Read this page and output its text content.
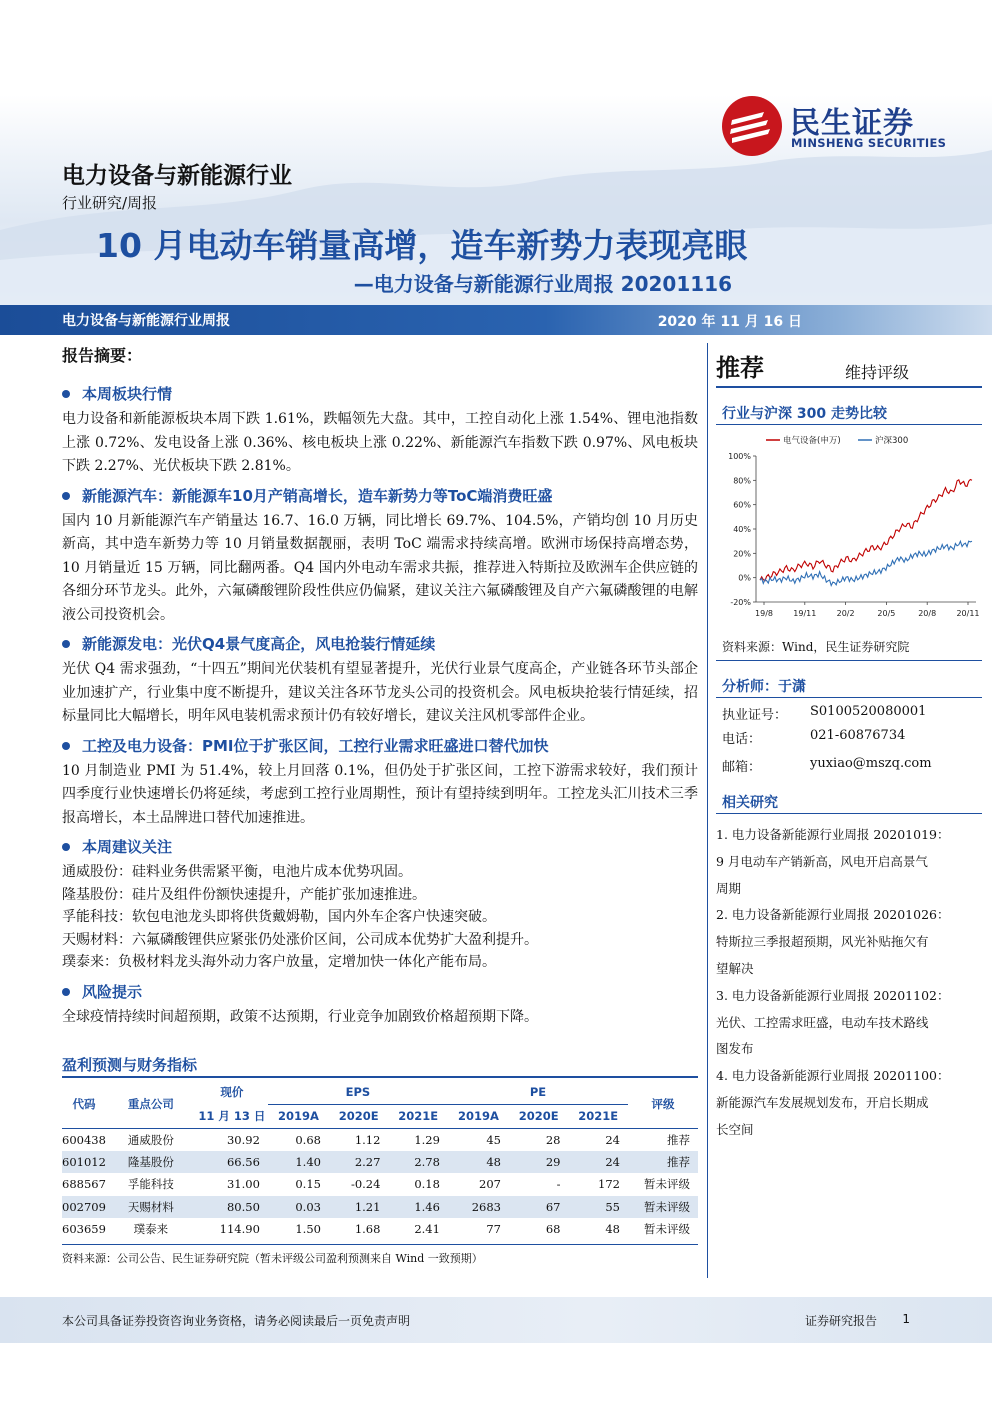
民生证券
MINSHENG SECURITIES
电力设备与新能源行业
行业研究/周报
10 月电动车销量高增，造车新势力表现亮眼
—电力设备与新能源行业周报 20201116
电力设备与新能源行业周报	2020 年 11 月 16 日
报告摘要：
本周板块行情
电力设备和新能源板块本周下跌 1.61%，跌幅领先大盘。其中，工控自动化上涨 1.54%、锂电池指数上涨 0.72%、发电设备上涨 0.36%、核电板块上涨 0.22%、新能源汽车指数下跌 0.97%、风电板块下跌 2.27%、光伏板块下跌 2.81%。
新能源汽车：新能源车10月产销高增长，造车新势力等ToC端消费旺盛
国内 10 月新能源汽车产销量达 16.7、16.0 万辆，同比增长 69.7%、104.5%，产销均创 10 月历史新高，其中造车新势力等 10 月销量数据靓丽，表明 ToC 端需求持续高增。欧洲市场保持高增态势，10 月销量近 15 万辆，同比翻两番。Q4 国内外电动车需求共振，推荐进入特斯拉及欧洲车企供应链的各细分环节龙头。此外，六氟磷酸锂阶段性供应仍偏紧，建议关注六氟磷酸锂及自产六氟磷酸锂的电解液公司投资机会。
新能源发电：光伏Q4景气度高企，风电抢装行情延续
光伏 Q4 需求强劲，“十四五”期间光伏装机有望显著提升，光伏行业景气度高企，产业链各环节头部企业加速扩产，行业集中度不断提升，建议关注各环节龙头公司的投资机会。风电板块抢装行情延续，招标量同比大幅增长，明年风电装机需求预计仍有较好增长，建议关注风机零部件企业。
工控及电力设备：PMI位于扩张区间，工控行业需求旺盛进口替代加快
10 月制造业 PMI 为 51.4%，较上月回落 0.1%，但仍处于扩张区间，工控下游需求较好，我们预计四季度行业快速增长仍将延续，考虑到工控行业周期性，预计有望持续到明年。工控龙头汇川技术三季报高增长，本土品牌进口替代加速推进。
本周建议关注
通威股份：硅料业务供需紧平衡，电池片成本优势巩固。
隆基股份：硅片及组件份额快速提升，产能扩张加速推进。
孚能科技：软包电池龙头即将供货戴姆勒，国内外车企客户快速突破。
天赐材料：六氟磷酸锂供应紧张仍处涨价区间，公司成本优势扩大盈利提升。
璞泰来：负极材料龙头海外动力客户放量，定增加快一体化产能布局。
风险提示
全球疫情持续时间超预期，政策不达预期，行业竞争加剧致价格超预期下降。
盈利预测与财务指标
代码	重点公司	现价	EPS			PE			评级
		11 月 13 日	2019A	2020E	2021E	2019A	2020E	2021E	
600438	通威股份	30.92	0.68	1.12	1.29	45	28	24	推荐
601012	隆基股份	66.56	1.40	2.27	2.78	48	29	24	推荐
688567	孚能科技	31.00	0.15	-0.24	0.18	207	-	172	暂未评级
002709	天赐材料	80.50	0.03	1.21	1.46	2683	67	55	暂未评级
603659	璞泰来	114.90	1.50	1.68	2.41	77	68	48	暂未评级
资料来源：公司公告、民生证券研究院（暂未评级公司盈利预测来自 Wind 一致预期）
推荐	维持评级
行业与沪深 300 走势比较
100%
80%
60%
40%
20%
0%
-20%
19/8	19/11	20/2	20/5	20/8	20/11
电气设备(申万)	沪深300
资料来源：Wind，民生证券研究院
分析师：于潇
执业证号： S0100520080001
电话：	021-60876734
邮箱：	yuxiao@mszq.com
相关研究
1. 电力设备新能源行业周报 20201019：
9 月电动车产销新高，风电开启高景气
周期
2. 电力设备新能源行业周报 20201026：
特斯拉三季报超预期，风光补贴拖欠有
望解决
3. 电力设备新能源行业周报 20201102：
光伏、工控需求旺盛，电动车技术路线
图发布
4. 电力设备新能源行业周报 20201100：
新能源汽车发展规划发布，开启长期成
长空间
本公司具备证券投资咨询业务资格，请务必阅读最后一页免责声明	证券研究报告 1
